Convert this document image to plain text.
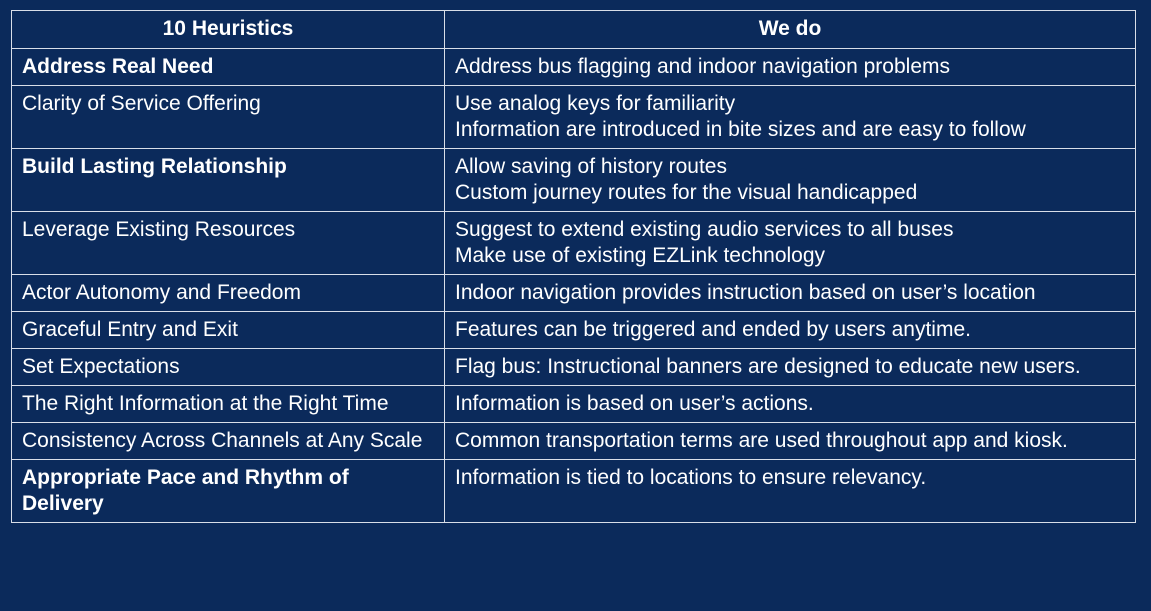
10 Heuristics	We do

Address Real Need	Address bus flagging and indoor navigation problems

Clarity of Service Offering	Use analog keys for familiarity
Information are introduced in bite sizes and are easy to follow

Build Lasting Relationship	Allow saving of history routes
Custom journey routes for the visual handicapped

Leverage Existing Resources	Suggest to extend existing audio services to all buses
Make use of existing EZLink technology

Actor Autonomy and Freedom	Indoor navigation provides instruction based on user’s location

Graceful Entry and Exit	Features can be triggered and ended by users anytime.

Set Expectations	Flag bus: Instructional banners are designed to educate new users.

The Right Information at the Right Time	Information is based on user’s actions.

Consistency Across Channels at Any Scale	Common transportation terms are used throughout app and kiosk.

Appropriate Pace and Rhythm of Delivery	Information is tied to locations to ensure relevancy.
